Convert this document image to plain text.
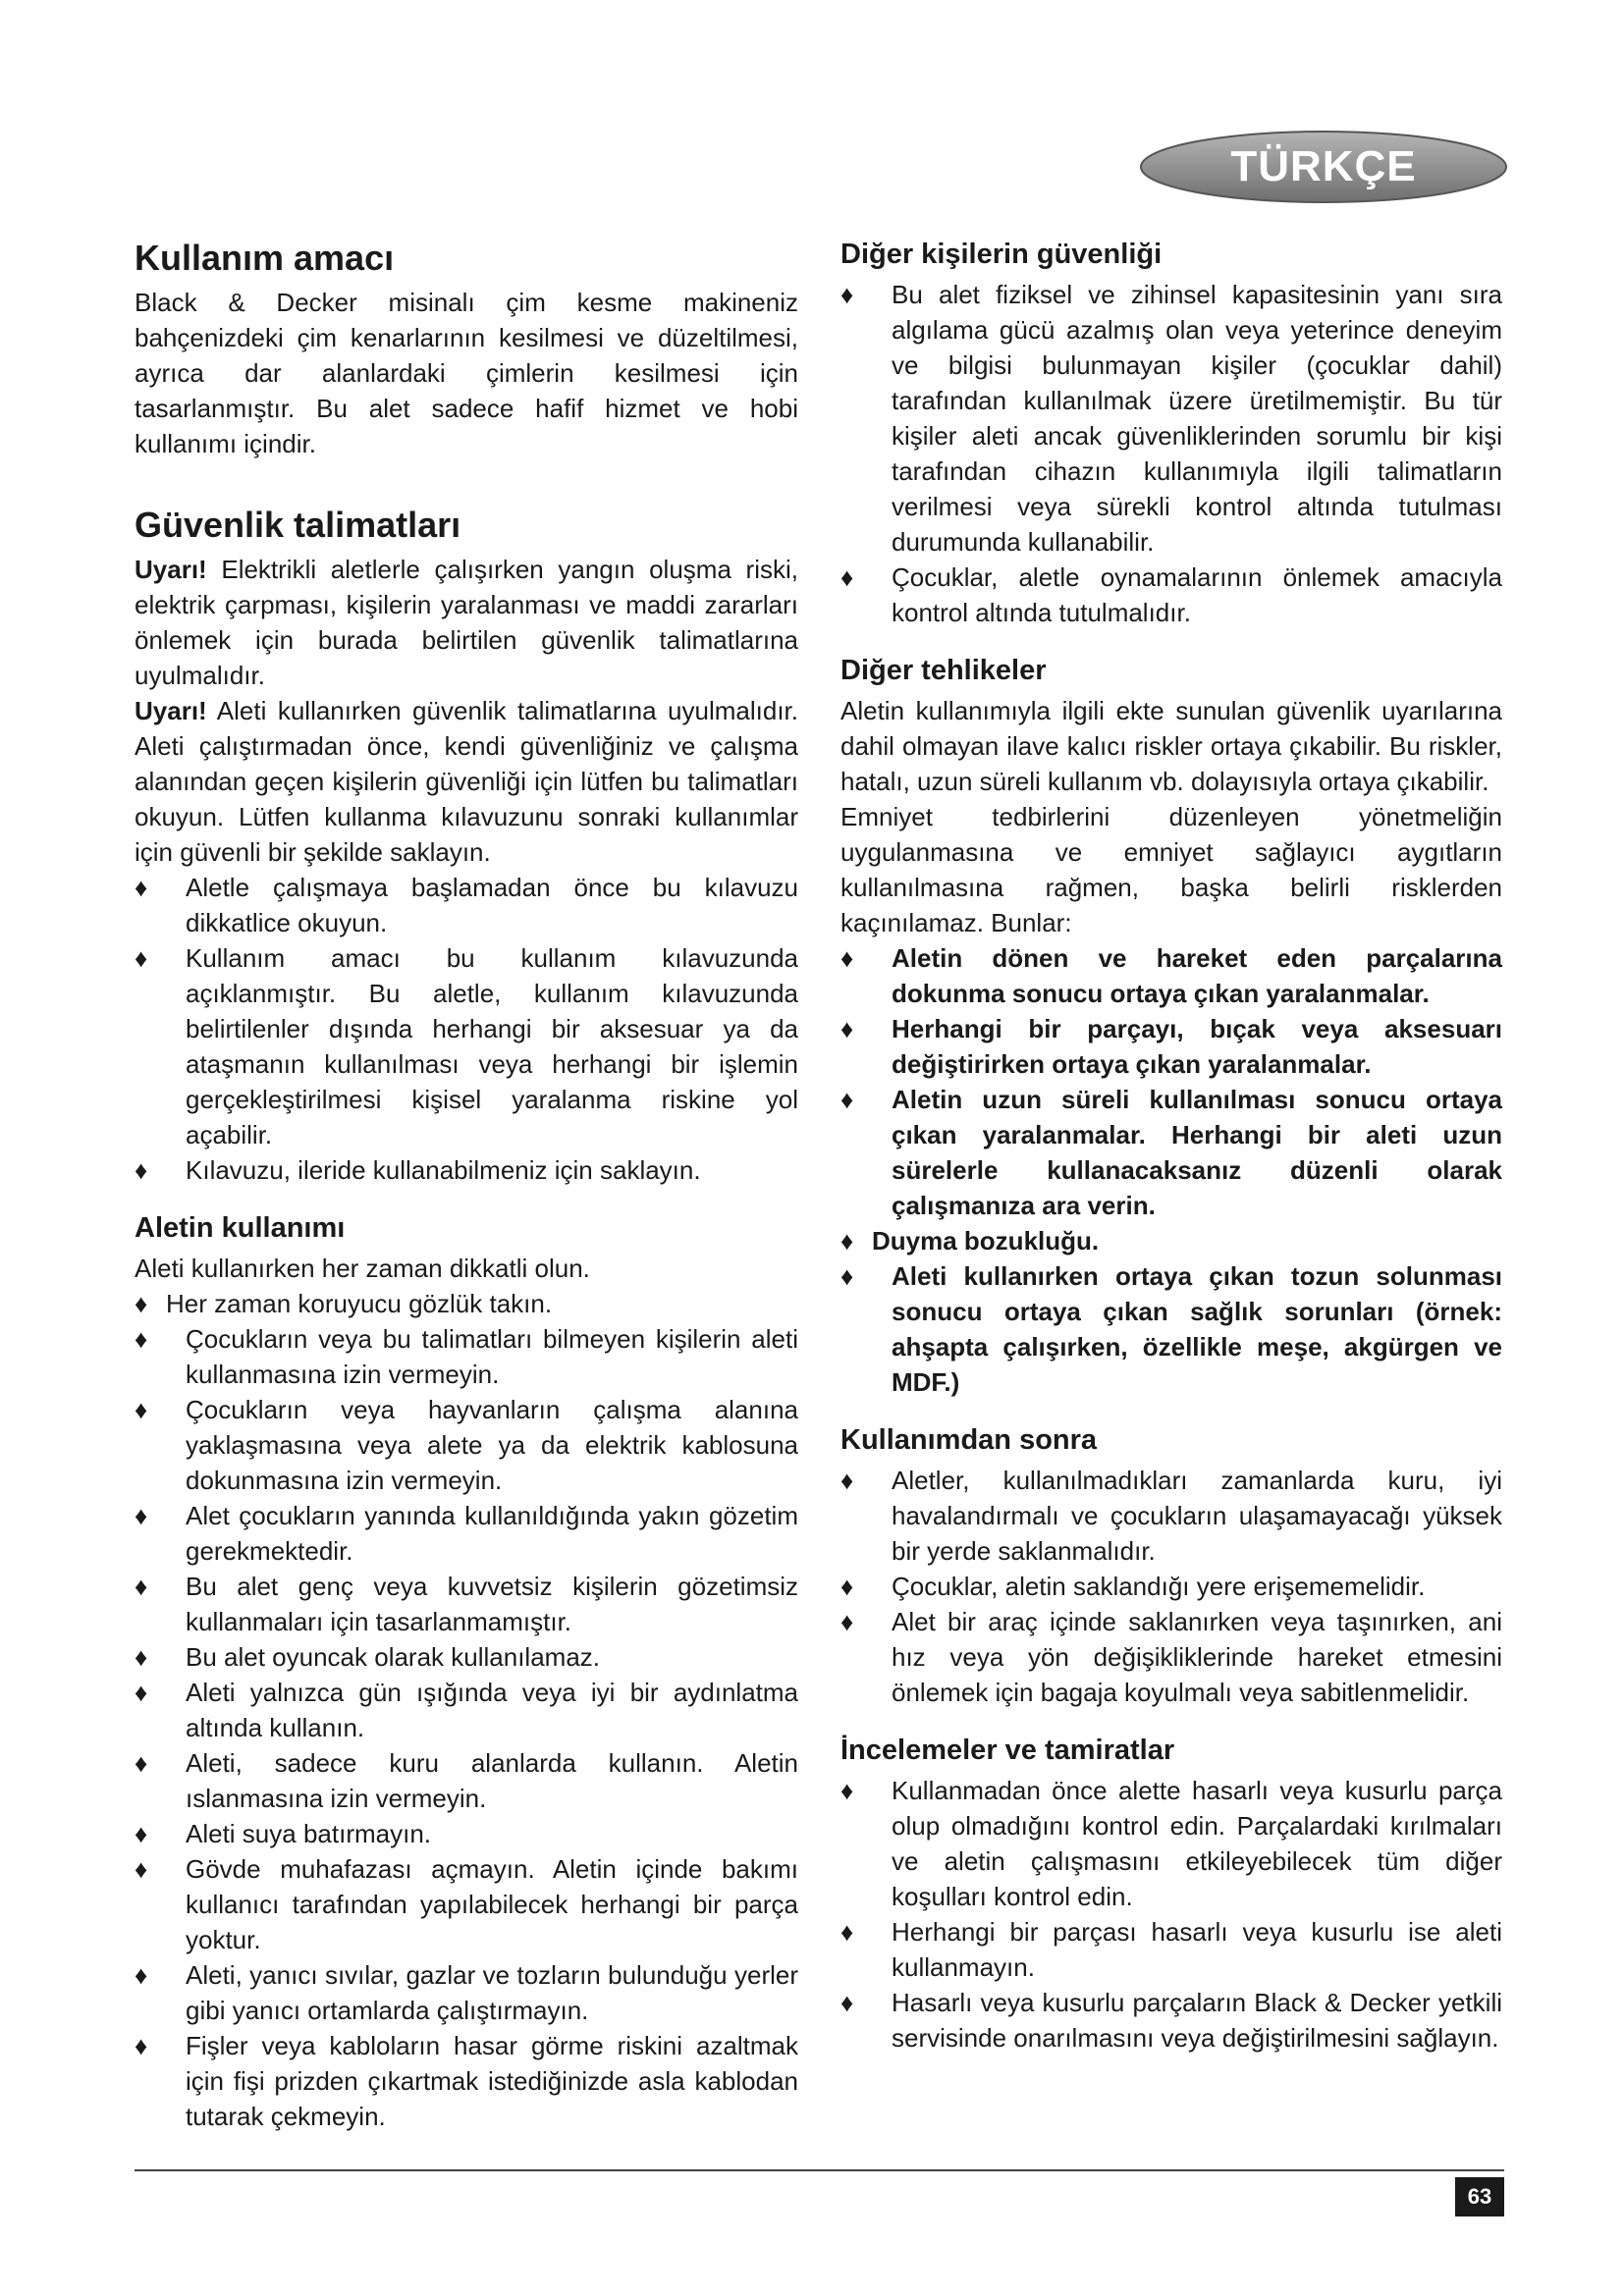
TÜRKÇE
Kullanım amacı

Black & Decker misinalı çim kesme makineniz bahçenizdeki çim kenarlarının kesilmesi ve düzeltilmesi, ayrıca dar alanlardaki çimlerin kesilmesi için tasarlanmıştır. Bu alet sadece hafif hizmet ve hobi kullanımı içindir.

Güvenlik talimatları

Uyarı! Elektrikli aletlerle çalışırken yangın oluşma riski, elektrik çarpması, kişilerin yaralanması ve maddi zararları önlemek için burada belirtilen güvenlik talimatlarına uyulmalıdır.

Uyarı! Aleti kullanırken güvenlik talimatlarına uyulmalıdır. Aleti çalıştırmadan önce, kendi güvenliğiniz ve çalışma alanından geçen kişilerin güvenliği için lütfen bu talimatları okuyun. Lütfen kullanma kılavuzunu sonraki kullanımlar için güvenli bir şekilde saklayın.

♦	Aletle çalışmaya başlamadan önce bu kılavuzu dikkatlice okuyun.
♦	Kullanım amacı bu kullanım kılavuzunda açıklanmıştır. Bu aletle, kullanım kılavuzunda belirtilenler dışında herhangi bir aksesuar ya da ataşmanın kullanılması veya herhangi bir işlemin gerçekleştirilmesi kişisel yaralanma riskine yol açabilir.
♦	Kılavuzu, ileride kullanabilmeniz için saklayın.
Aletin kullanımı

Aleti kullanırken her zaman dikkatli olun.

♦ Her zaman koruyucu gözlük takın.
♦	Çocukların veya bu talimatları bilmeyen kişilerin aleti kullanmasına izin vermeyin.
♦	Çocukların veya hayvanların çalışma alanına yaklaşmasına veya alete ya da elektrik kablosuna dokunmasına izin vermeyin.
♦	Alet çocukların yanında kullanıldığında yakın gözetim gerekmektedir.
♦	Bu alet genç veya kuvvetsiz kişilerin gözetimsiz kullanmaları için tasarlanmamıştır.
♦	Bu alet oyuncak olarak kullanılamaz.
♦	Aleti yalnızca gün ışığında veya iyi bir aydınlatma altında kullanın.
♦	Aleti, sadece kuru alanlarda kullanın. Aletin ıslanmasına izin vermeyin.
♦	Aleti suya batırmayın.
♦	Gövde muhafazası açmayın. Aletin içinde bakımı kullanıcı tarafından yapılabilecek herhangi bir parça yoktur.
♦	Aleti, yanıcı sıvılar, gazlar ve tozların bulunduğu yerler gibi yanıcı ortamlarda çalıştırmayın.
♦	Fişler veya kabloların hasar görme riskini azaltmak için fişi prizden çıkartmak istediğinizde asla kablodan tutarak çekmeyin.
Diğer kişilerin güvenliği
♦	Bu alet fiziksel ve zihinsel kapasitesinin yanı sıra algılama gücü azalmış olan veya yeterince deneyim ve bilgisi bulunmayan kişiler (çocuklar dahil) tarafından kullanılmak üzere üretilmemiştir. Bu tür kişiler aleti ancak güvenliklerinden sorumlu bir kişi tarafından cihazın kullanımıyla ilgili talimatların verilmesi veya sürekli kontrol altında tutulması durumunda kullanabilir.
♦	Çocuklar, aletle oynamalarının önlemek amacıyla kontrol altında tutulmalıdır.
Diğer tehlikeler

Aletin kullanımıyla ilgili ekte sunulan güvenlik uyarılarına dahil olmayan ilave kalıcı riskler ortaya çıkabilir. Bu riskler, hatalı, uzun süreli kullanım vb. dolayısıyla ortaya çıkabilir.

Emniyet tedbirlerini düzenleyen yönetmeliğin uygulanmasına ve emniyet sağlayıcı aygıtların kullanılmasına rağmen, başka belirli risklerden kaçınılamaz. Bunlar:

♦	Aletin dönen ve hareket eden parçalarına dokunma sonucu ortaya çıkan yaralanmalar.
♦	Herhangi bir parçayı, bıçak veya aksesuarı değiştirirken ortaya çıkan yaralanmalar.
♦	Aletin uzun süreli kullanılması sonucu ortaya çıkan yaralanmalar. Herhangi bir aleti uzun sürelerle kullanacaksanız düzenli olarak çalışmanıza ara verin.
♦ Duyma bozukluğu.
♦	Aleti kullanırken ortaya çıkan tozun solunması sonucu ortaya çıkan sağlık sorunları (örnek: ahşapta çalışırken, özellikle meşe, akgürgen ve MDF.)
Kullanımdan sonra
♦	Aletler, kullanılmadıkları zamanlarda kuru, iyi havalandırmalı ve çocukların ulaşamayacağı yüksek bir yerde saklanmalıdır.
♦	Çocuklar, aletin saklandığı yere erişememelidir.
♦	Alet bir araç içinde saklanırken veya taşınırken, ani hız veya yön değişikliklerinde hareket etmesini önlemek için bagaja koyulmalı veya sabitlenmelidir.
İncelemeler ve tamiratlar
♦	Kullanmadan önce alette hasarlı veya kusurlu parça olup olmadığını kontrol edin. Parçalardaki kırılmaları ve aletin çalışmasını etkileyebilecek tüm diğer koşulları kontrol edin.
♦	Herhangi bir parçası hasarlı veya kusurlu ise aleti kullanmayın.
♦	Hasarlı veya kusurlu parçaların Black & Decker yetkili servisinde onarılmasını veya değiştirilmesini sağlayın.
63
